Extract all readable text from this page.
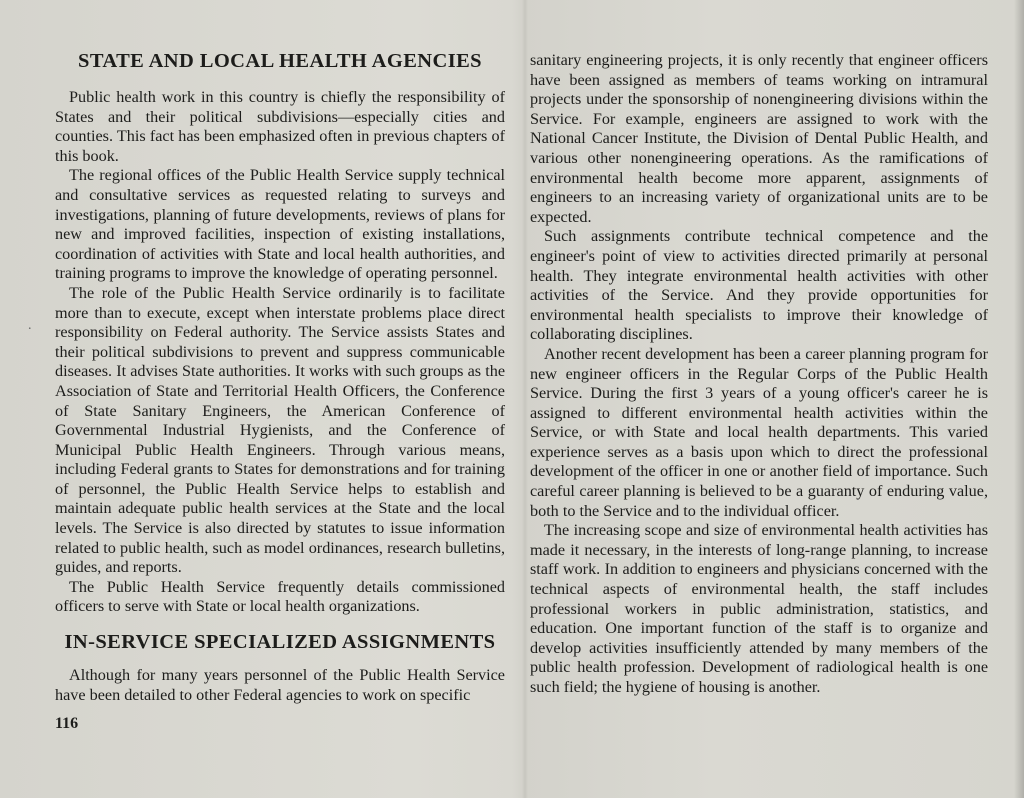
.
STATE AND LOCAL HEALTH AGENCIES

Public health work in this country is chiefly the responsibility of States and their political subdivisions—especially cities and counties. This fact has been emphasized often in previous chapters of this book.

The regional offices of the Public Health Service supply technical and consultative services as requested relating to surveys and investigations, planning of future developments, reviews of plans for new and improved facilities, inspection of existing installations, coordination of activities with State and local health authorities, and training programs to improve the knowledge of operating personnel.

The role of the Public Health Service ordinarily is to facilitate more than to execute, except when interstate problems place direct responsibility on Federal authority. The Service assists States and their political subdivisions to prevent and suppress communicable diseases. It advises State authorities. It works with such groups as the Association of State and Territorial Health Officers, the Conference of State Sanitary Engineers, the American Conference of Governmental Industrial Hygienists, and the Conference of Municipal Public Health Engineers. Through various means, including Federal grants to States for demonstrations and for training of personnel, the Public Health Service helps to establish and maintain adequate public health services at the State and the local levels. The Service is also directed by statutes to issue information related to public health, such as model ordinances, research bulletins, guides, and reports.

The Public Health Service frequently details commissioned officers to serve with State or local health organizations.

IN-SERVICE SPECIALIZED ASSIGNMENTS

Although for many years personnel of the Public Health Service have been detailed to other Federal agencies to work on specific

116

sanitary engineering projects, it is only recently that engineer officers have been assigned as members of teams working on intramural projects under the sponsorship of nonengineering divisions within the Service. For example, engineers are assigned to work with the National Cancer Institute, the Division of Dental Public Health, and various other nonengineering operations. As the ramifications of environmental health become more apparent, assignments of engineers to an increasing variety of organizational units are to be expected.

Such assignments contribute technical competence and the engineer's point of view to activities directed primarily at personal health. They integrate environmental health activities with other activities of the Service. And they provide opportunities for environmental health specialists to improve their knowledge of collaborating disciplines.

Another recent development has been a career planning program for new engineer officers in the Regular Corps of the Public Health Service. During the first 3 years of a young officer's career he is assigned to different environmental health activities within the Service, or with State and local health departments. This varied experience serves as a basis upon which to direct the professional development of the officer in one or another field of importance. Such careful career planning is believed to be a guaranty of enduring value, both to the Service and to the individual officer.

The increasing scope and size of environmental health activities has made it necessary, in the interests of long-range planning, to increase staff work. In addition to engineers and physicians concerned with the technical aspects of environmental health, the staff includes professional workers in public administration, statistics, and education. One important function of the staff is to organize and develop activities insufficiently attended by many members of the public health profession. Development of radiological health is one such field; the hygiene of housing is another.
